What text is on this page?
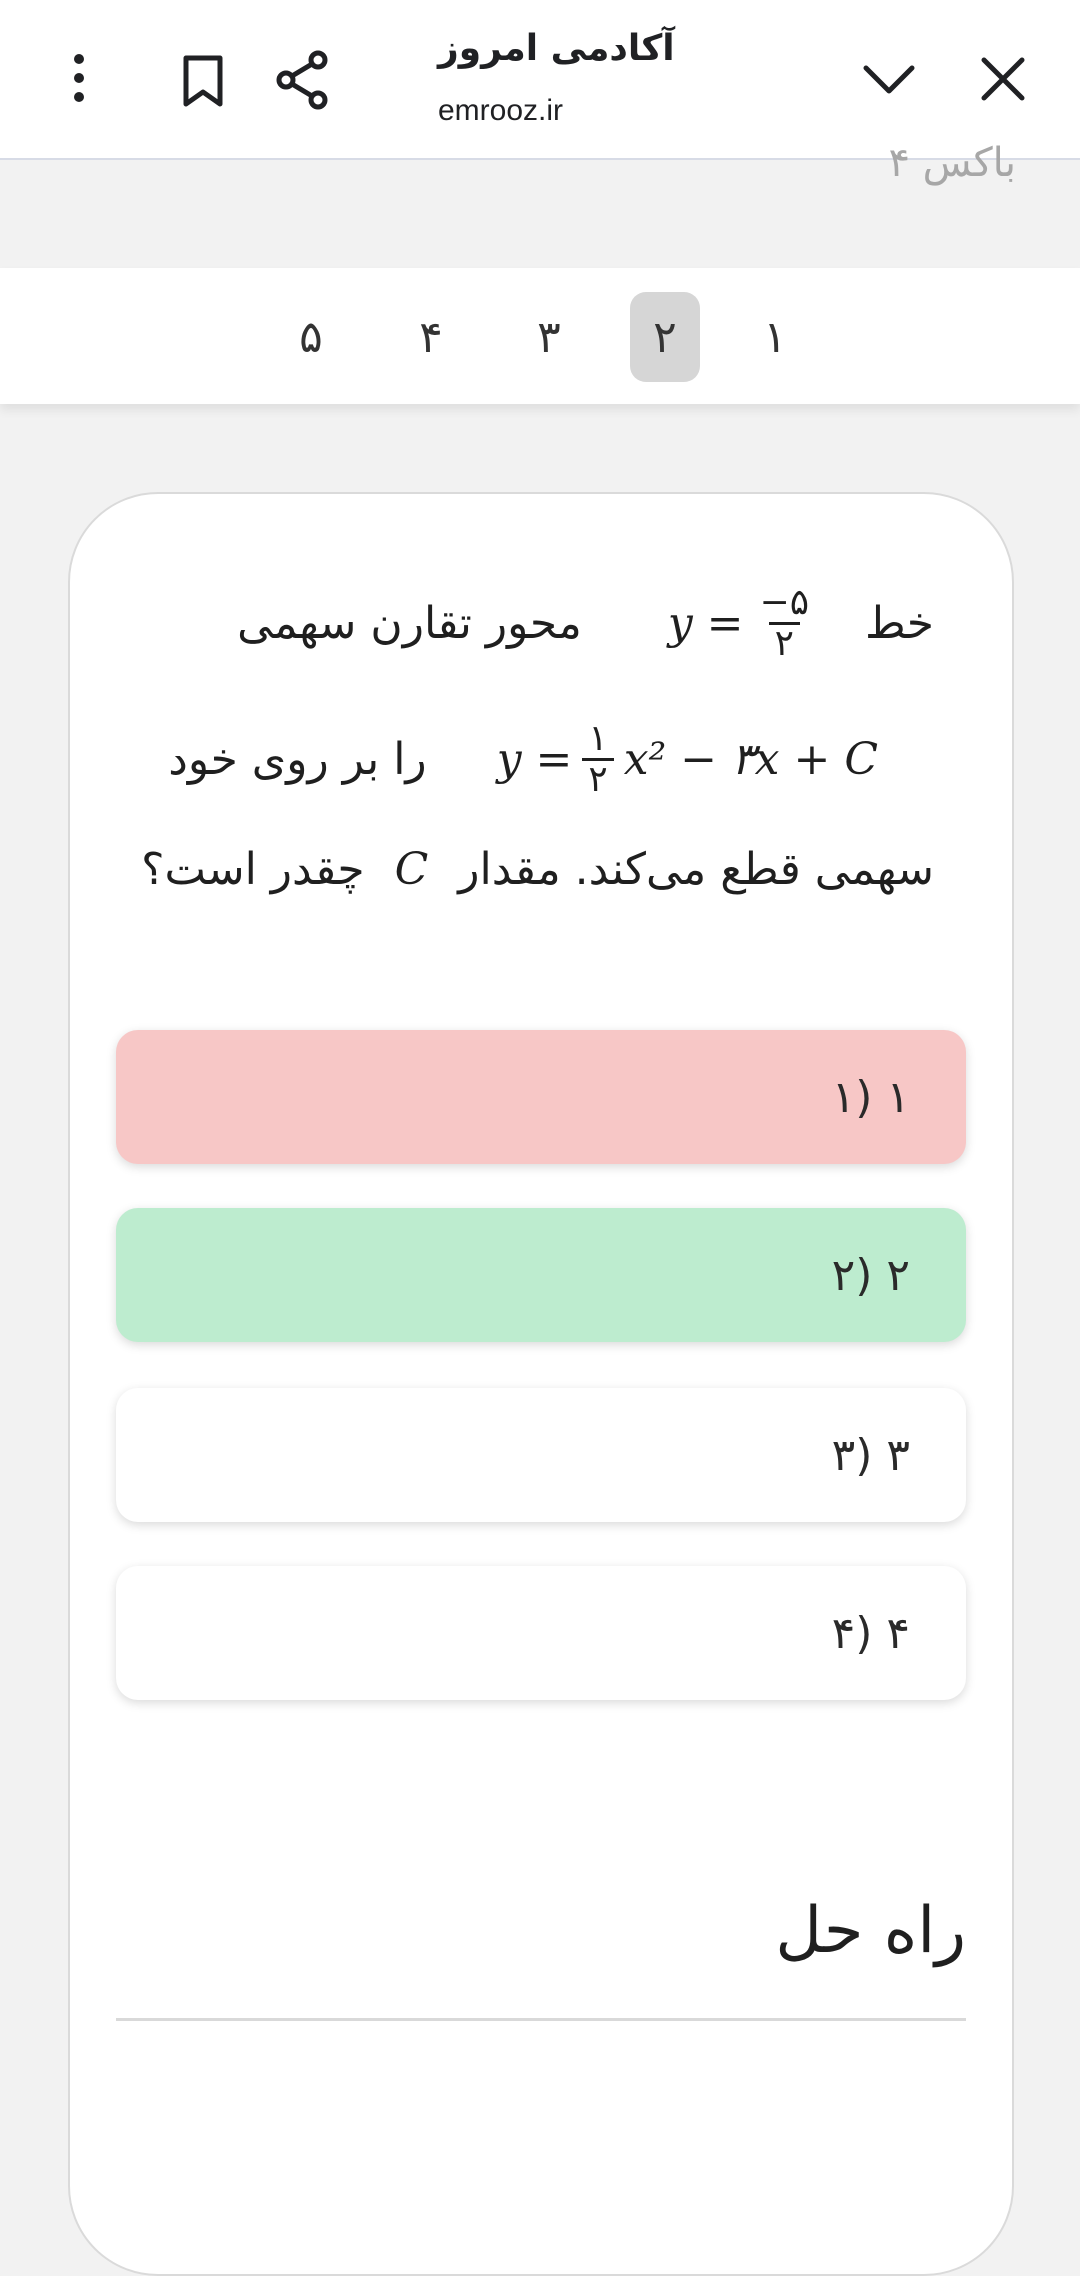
آکادمی امروز
emrooz.ir
باکس ۴
۱
۲
۳
۴
۵
خط
$y = \frac{-۵}{۲}$
محور تقارن سهمی
$y = \frac{۱}{۲} x^2$ − ۳x + C
را بر روی خود
سهمی قطع می‌کند. مقدار
C
چقدر است؟
۱) ۱
۲) ۲
۳) ۳
۴) ۴
راه حل
